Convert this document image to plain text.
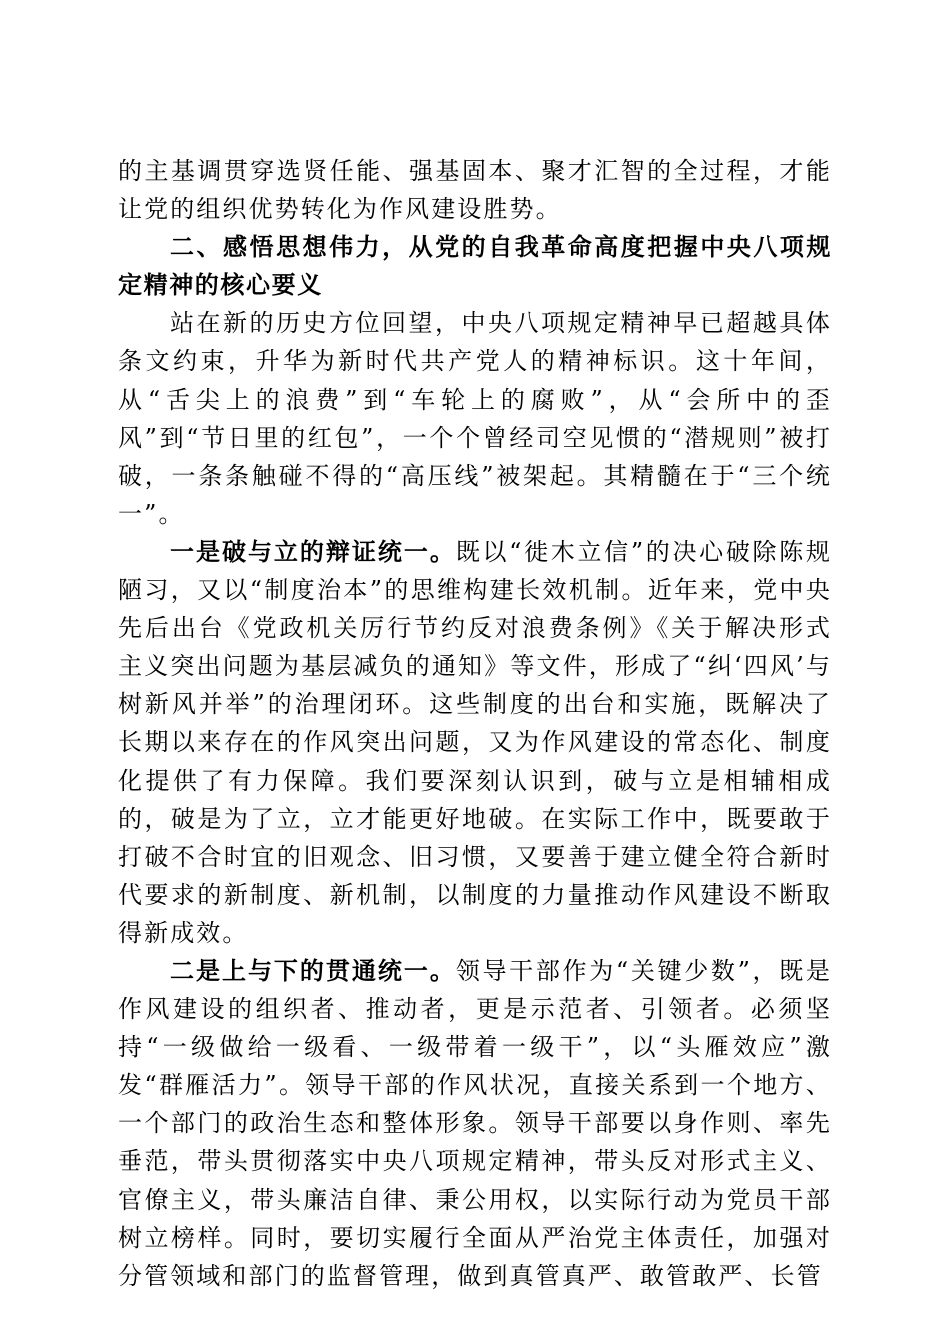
的主基调贯穿选贤任能、强基固本、聚才汇智的全过程，才能让党的组织优势转化为作风建设胜势。

二、感悟思想伟力，从党的自我革命高度把握中央八项规定精神的核心要义

站在新的历史方位回望，中央八项规定精神早已超越具体条文约束，升华为新时代共产党人的精神标识。这十年间，从“舌尖上的浪费”到“车轮上的腐败”，从“会所中的歪风”到“节日里的红包”，一个个曾经司空见惯的“潜规则”被打破，一条条触碰不得的“高压线”被架起。其精髓在于“三个统一”。

一是破与立的辩证统一。既以“徙木立信”的决心破除陈规陋习，又以“制度治本”的思维构建长效机制。近年来，党中央先后出台《党政机关厉行节约反对浪费条例》《关于解决形式主义突出问题为基层减负的通知》等文件，形成了“纠‘四风’与树新风并举”的治理闭环。这些制度的出台和实施，既解决了长期以来存在的作风突出问题，又为作风建设的常态化、制度化提供了有力保障。我们要深刻认识到，破与立是相辅相成的，破是为了立，立才能更好地破。在实际工作中，既要敢于打破不合时宜的旧观念、旧习惯，又要善于建立健全符合新时代要求的新制度、新机制，以制度的力量推动作风建设不断取得新成效。

二是上与下的贯通统一。领导干部作为“关键少数”，既是作风建设的组织者、推动者，更是示范者、引领者。必须坚持“一级做给一级看、一级带着一级干”，以“头雁效应”激发“群雁活力”。领导干部的作风状况，直接关系到一个地方、一个部门的政治生态和整体形象。领导干部要以身作则、率先垂范，带头贯彻落实中央八项规定精神，带头反对形式主义、官僚主义，带头廉洁自律、秉公用权，以实际行动为党员干部树立榜样。同时，要切实履行全面从严治党主体责任，加强对分管领域和部门的监督管理，做到真管真严、敢管敢严、长管
